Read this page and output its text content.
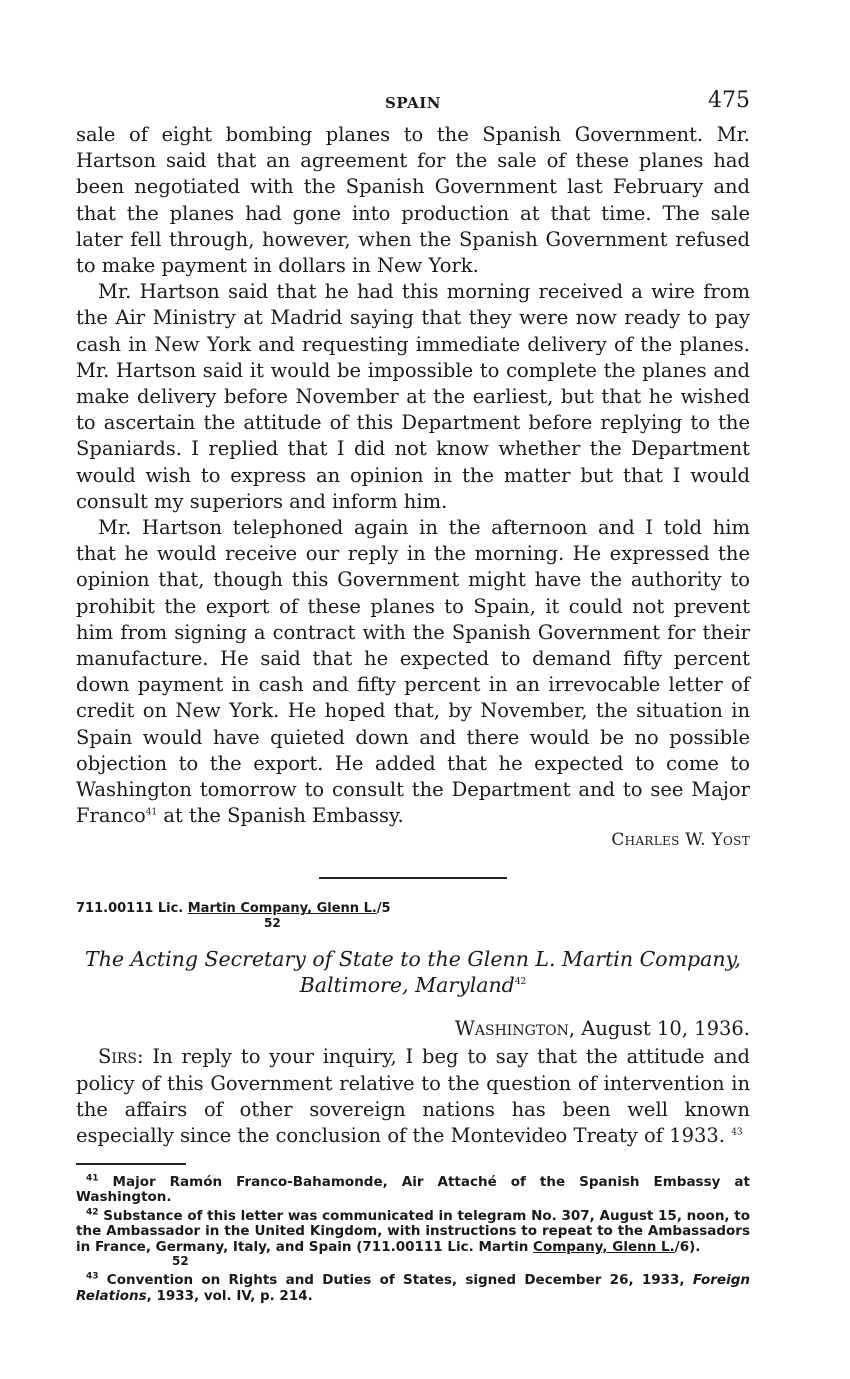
SPAIN	475

sale of eight bombing planes to the Spanish Government. Mr. Hartson said that an agreement for the sale of these planes had been negotiated with the Spanish Government last February and that the planes had gone into production at that time. The sale later fell through, however, when the Spanish Government refused to make payment in dollars in New York.

Mr. Hartson said that he had this morning received a wire from the Air Ministry at Madrid saying that they were now ready to pay cash in New York and requesting immediate delivery of the planes. Mr. Hartson said it would be impossible to complete the planes and make delivery before November at the earliest, but that he wished to ascertain the attitude of this Department before replying to the Spaniards. I replied that I did not know whether the Department would wish to express an opinion in the matter but that I would consult my superiors and inform him.

Mr. Hartson telephoned again in the afternoon and I told him that he would receive our reply in the morning. He expressed the opinion that, though this Government might have the authority to prohibit the export of these planes to Spain, it could not prevent him from signing a contract with the Spanish Government for their manufacture. He said that he expected to demand fifty percent down payment in cash and fifty percent in an irrevocable letter of credit on New York. He hoped that, by November, the situation in Spain would have quieted down and there would be no possible objection to the export. He added that he expected to come to Washington tomorrow to consult the Department and to see Major Franco$^{41}$ at the Spanish Embassy.

Charles W. Yost
711.00111 Lic. Martin Company, Glenn L./5
52
The Acting Secretary of State to the Glenn L. Martin Company,
Baltimore, Maryland$^{42}$
Washington, August 10, 1936.

Sirs: In reply to your inquiry, I beg to say that the attitude and policy of this Government relative to the question of intervention in the affairs of other sovereign nations has been well known especially since the conclusion of the Montevideo Treaty of 1933. $^{43}$

$^{41}$ Major Ramón Franco-Bahamonde, Air Attaché of the Spanish Embassy at Washington.

$^{42}$ Substance of this letter was communicated in telegram No. 307, August 15, noon, to the Ambassador in the United Kingdom, with instructions to repeat to the Ambassadors in France, Germany, Italy, and Spain (711.00111 Lic. Martin Company, Glenn L./6).

52

$^{43}$ Convention on Rights and Duties of States, signed December 26, 1933, Foreign Relations, 1933, vol. IV, p. 214.
